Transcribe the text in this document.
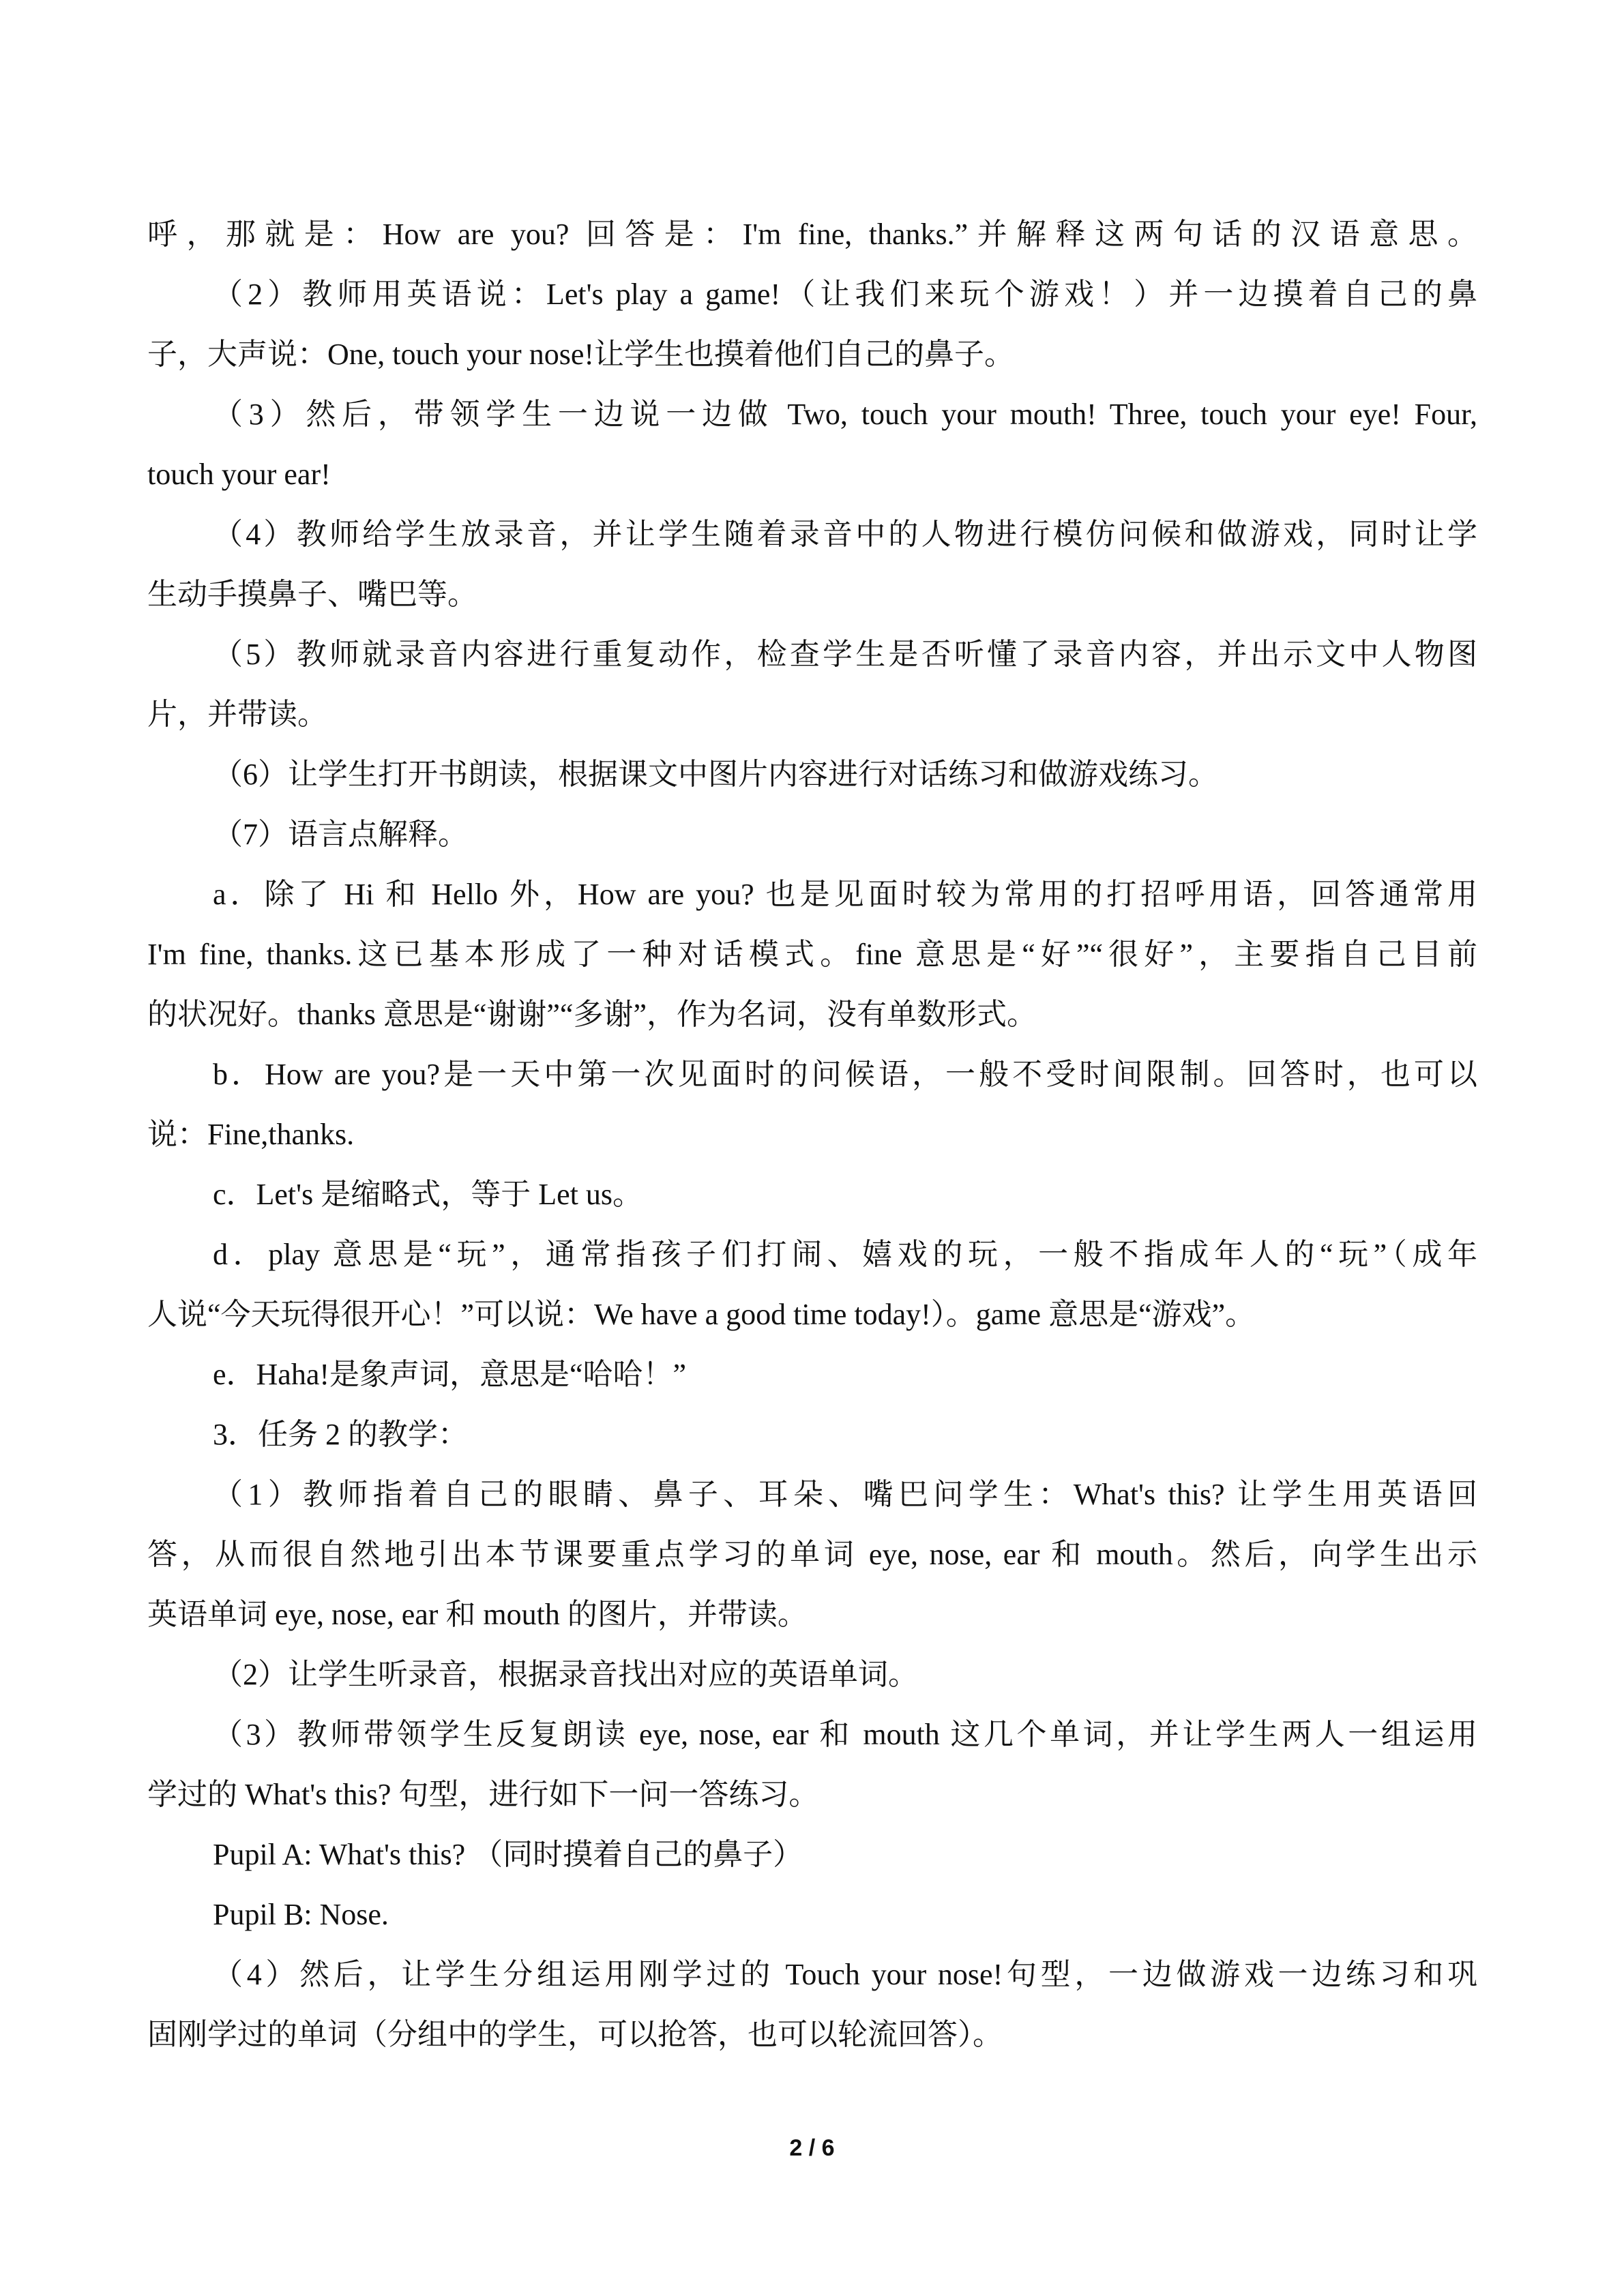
呼，那就是：How are you? 回答是：I'm fine, thanks.”并解释这两句话的汉语意思。
（2）教师用英语说：Let's play a game!（让我们来玩个游戏！）并一边摸着自己的鼻
子，大声说：One, touch your nose!让学生也摸着他们自己的鼻子。
（3）然后，带领学生一边说一边做 Two, touch your mouth! Three, touch your eye! Four,
touch your ear!
（4）教师给学生放录音，并让学生随着录音中的人物进行模仿问候和做游戏，同时让学
生动手摸鼻子、嘴巴等。
（5）教师就录音内容进行重复动作，检查学生是否听懂了录音内容，并出示文中人物图
片，并带读。
（6）让学生打开书朗读，根据课文中图片内容进行对话练习和做游戏练习。
（7）语言点解释。
a．除了 Hi 和 Hello 外，How are you? 也是见面时较为常用的打招呼用语，回答通常用
I'm fine, thanks.这已基本形成了一种对话模式。fine 意思是“好”“很好”，主要指自己目前
的状况好。thanks 意思是“谢谢”“多谢”，作为名词，没有单数形式。
b．How are you?是一天中第一次见面时的问候语，一般不受时间限制。回答时，也可以
说：Fine,thanks.
c．Let's 是缩略式，等于 Let us。
d．play 意思是“玩”，通常指孩子们打闹、嬉戏的玩，一般不指成年人的“玩”（成年
人说“今天玩得很开心！”可以说：We have a good time today!）。game 意思是“游戏”。
e．Haha!是象声词，意思是“哈哈！”
3．任务 2 的教学：
（1）教师指着自己的眼睛、鼻子、耳朵、嘴巴问学生：What's this? 让学生用英语回
答，从而很自然地引出本节课要重点学习的单词 eye, nose, ear 和 mouth。然后，向学生出示
英语单词 eye, nose, ear 和 mouth 的图片，并带读。
（2）让学生听录音，根据录音找出对应的英语单词。
（3）教师带领学生反复朗读 eye, nose, ear 和 mouth 这几个单词，并让学生两人一组运用
学过的 What's this? 句型，进行如下一问一答练习。
Pupil A: What's this? （同时摸着自己的鼻子）
Pupil B: Nose.
（4）然后，让学生分组运用刚学过的 Touch your nose!句型，一边做游戏一边练习和巩
固刚学过的单词（分组中的学生，可以抢答，也可以轮流回答）。
2 / 6
